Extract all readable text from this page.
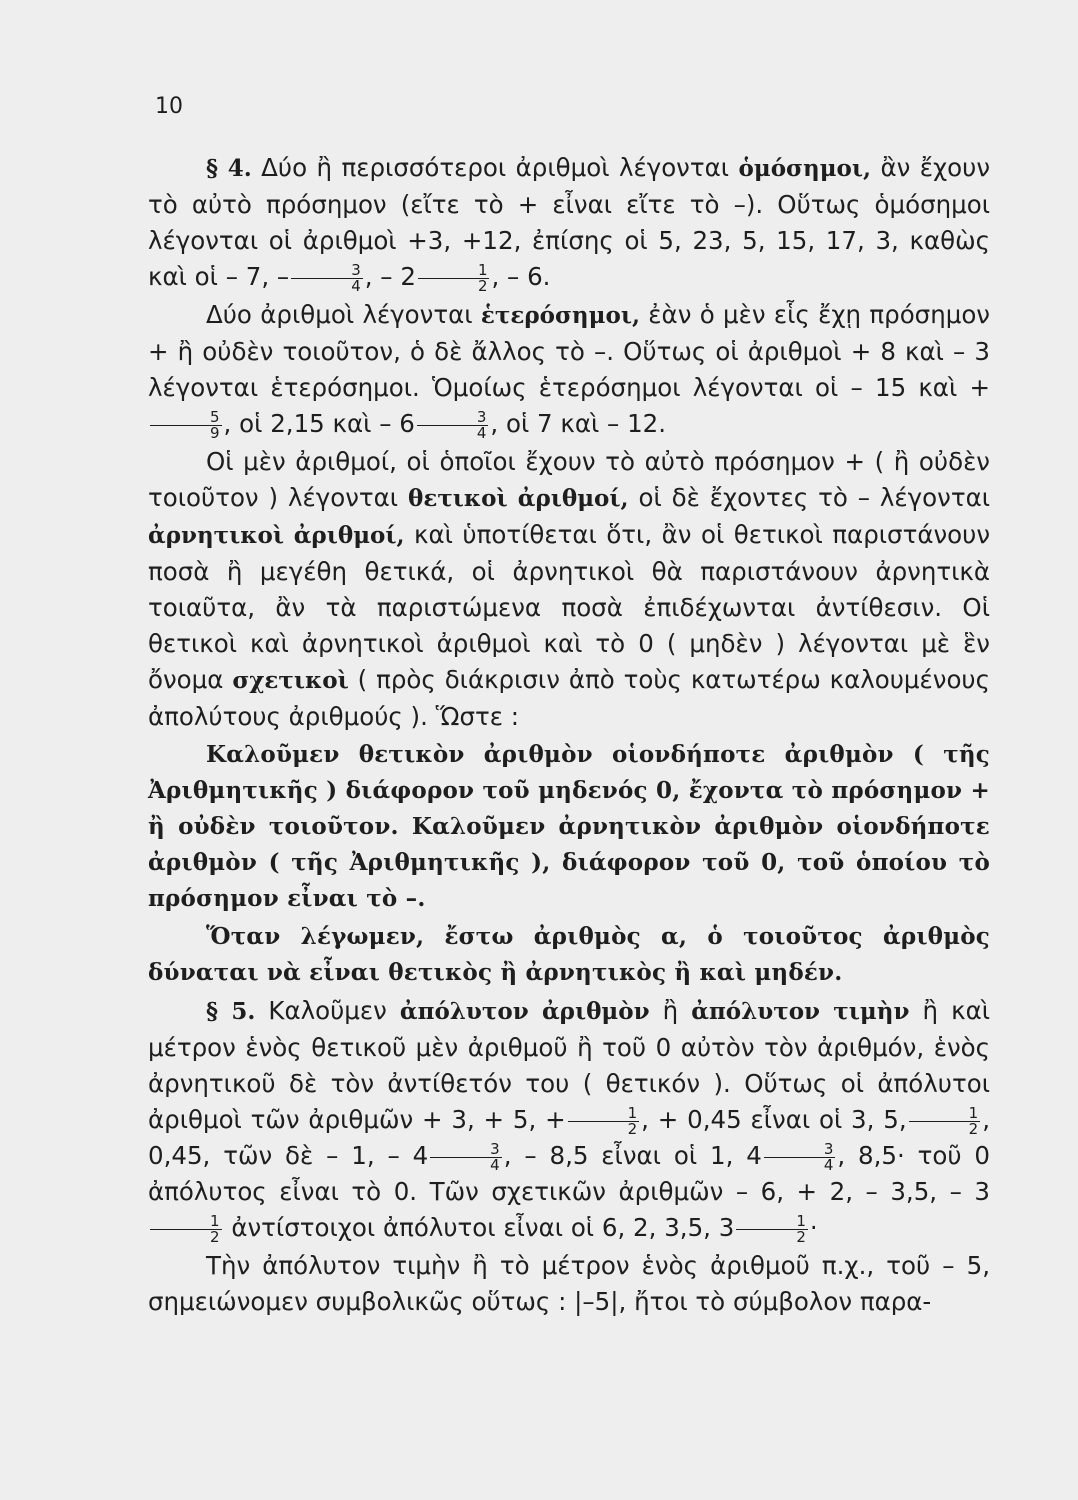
10

§ 4. Δύο ἢ περισσότεροι ἀριθμοὶ λέγονται ὁμόσημοι, ἂν ἔχουν τὸ αὐτὸ πρόσημον (εἴτε τὸ + εἶναι εἴτε τὸ –). Οὕτως ὁμόσημοι λέγονται οἱ ἀριθμοὶ +3, +12, ἐπίσης οἱ 5, 23, 5, 15, 17, 3, καθὼς καὶ οἱ – 7, – $\frac{3}{4}$ , – $2 \frac{1}{2}$ , – 6.

Δύο ἀριθμοὶ λέγονται ἑτερόσημοι, ἐὰν ὁ μὲν εἷς ἔχῃ πρόσημον + ἢ οὐδὲν τοιοῦτον, ὁ δὲ ἄλλος τὸ –. Οὕτως οἱ ἀριθμοὶ + 8 καὶ – 3 λέγονται ἑτερόσημοι. Ὁμοίως ἑτερόσημοι λέγονται οἱ – 15 καὶ +
$\frac{5}{9}$ , οἱ 2,15 καὶ – $6 \frac{3}{4}$ , οἱ 7 καὶ – 12.

Οἱ μὲν ἀριθμοί, οἱ ὁποῖοι ἔχουν τὸ αὐτὸ πρόσημον + ( ἢ οὐδὲν τοιοῦτον ) λέγονται θετικοὶ ἀριθμοί, οἱ δὲ ἔχοντες τὸ – λέγονται ἀρνητικοὶ ἀριθμοί, καὶ ὑποτίθεται ὅτι, ἂν οἱ θετικοὶ παριστάνουν ποσὰ ἢ μεγέθη θετικά, οἱ ἀρνητικοὶ θὰ παριστάνουν ἀρνητικὰ τοιαῦτα, ἂν τὰ παριστώμενα ποσὰ ἐπιδέχωνται ἀντίθεσιν. Οἱ θετικοὶ καὶ ἀρνητικοὶ ἀριθμοὶ καὶ τὸ 0 ( μηδὲν ) λέγονται μὲ ἓν ὄνομα σχετικοὶ ( πρὸς διάκρισιν ἀπὸ τοὺς κατωτέρω καλουμένους ἀπολύτους ἀριθμούς ). Ὥστε :

Καλοῦμεν θετικὸν ἀριθμὸν οἱονδήποτε ἀριθμὸν ( τῆς Ἀριθμητικῆς ) διάφορον τοῦ μηδενός 0, ἔχοντα τὸ πρόσημον + ἢ οὐδὲν τοιοῦτον. Καλοῦμεν ἀρνητικὸν ἀριθμὸν οἱονδήποτε ἀριθμὸν ( τῆς Ἀριθμητικῆς ), διάφορον τοῦ 0, τοῦ ὁποίου τὸ πρόσημον εἶναι τὸ –.

Ὅταν λέγωμεν, ἔστω ἀριθμὸς α, ὁ τοιοῦτος ἀριθμὸς δύναται νὰ εἶναι θετικὸς ἢ ἀρνητικὸς ἢ καὶ μηδέν.

§ 5. Καλοῦμεν ἀπόλυτον ἀριθμὸν ἢ ἀπόλυτον τιμὴν ἢ καὶ μέτρον ἑνὸς θετικοῦ μὲν ἀριθμοῦ ἢ τοῦ 0 αὐτὸν τὸν ἀριθμόν, ἑνὸς ἀρνητικοῦ δὲ τὸν ἀντίθετόν του ( θετικόν ). Οὕτως οἱ ἀπόλυτοι ἀριθμοὶ τῶν ἀριθμῶν + 3, + 5, + $\frac{1}{2}$ , + 0,45 εἶναι οἱ 3, 5, $\frac{1}{2}$ , 0,45, τῶν δὲ – 1, – $4 \frac{3}{4}$ , – 8,5 εἶναι οἱ 1, $4 \frac{3}{4}$ , 8,5· τοῦ 0 ἀπόλυτος εἶναι τὸ 0. Τῶν σχετικῶν ἀριθμῶν – 6, + 2, – 3,5, – 3
$\frac{1}{2}$ ἀντίστοιχοι ἀπόλυτοι εἶναι οἱ 6, 2, 3,5, $3 \frac{1}{2}$ ·

Τὴν ἀπόλυτον τιμὴν ἢ τὸ μέτρον ἑνὸς ἀριθμοῦ π.χ., τοῦ – 5, σημειώνομεν συμβολικῶς οὕτως : |–5|, ἤτοι τὸ σύμβολον παρα-
